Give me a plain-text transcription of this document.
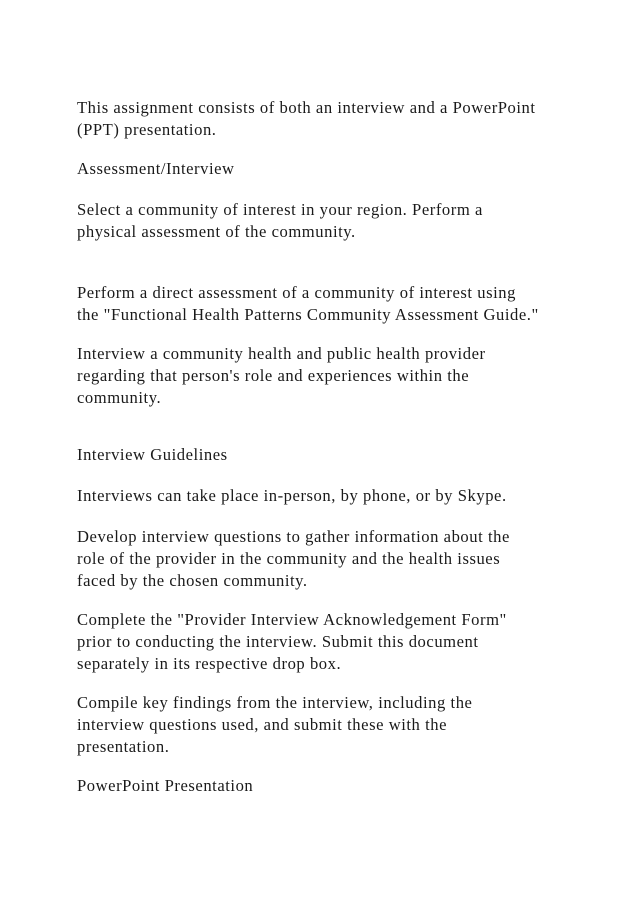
This assignment consists of both an interview and a PowerPoint

(PPT) presentation.

Assessment/Interview

Select a community of interest in your region. Perform a

physical assessment of the community.

Perform a direct assessment of a community of interest using

the "Functional Health Patterns Community Assessment Guide."

Interview a community health and public health provider

regarding that person's role and experiences within the

community.

Interview Guidelines

Interviews can take place in-person, by phone, or by Skype.

Develop interview questions to gather information about the

role of the provider in the community and the health issues

faced by the chosen community.

Complete the "Provider Interview Acknowledgement Form"

prior to conducting the interview. Submit this document

separately in its respective drop box.

Compile key findings from the interview, including the

interview questions used, and submit these with the

presentation.

PowerPoint Presentation
